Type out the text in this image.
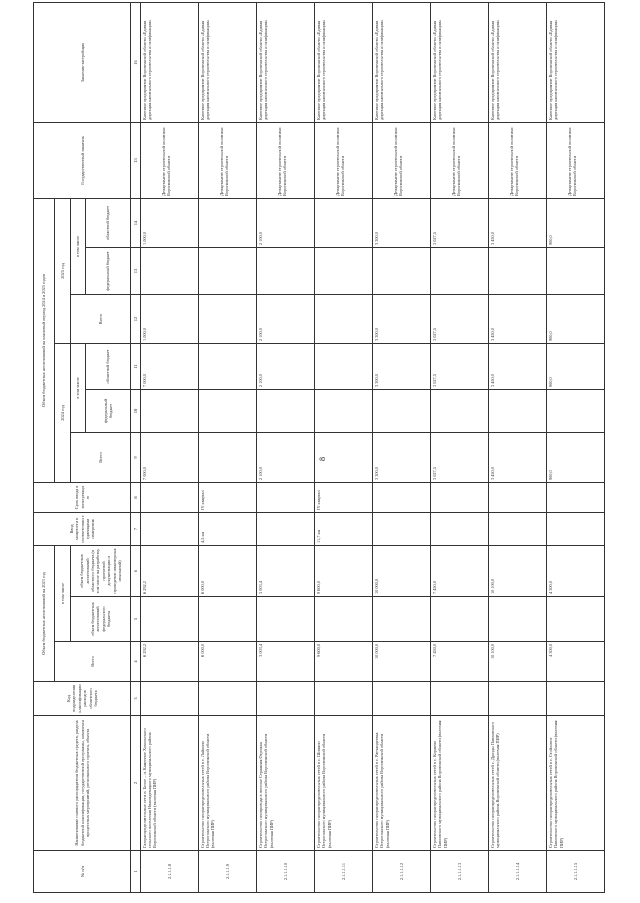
8
№ п/п	Наименование главного распорядителя бюджетных средств, раздела бюджетной классификации, государственной программы, комплекса процессных мероприятий, регионального проекта, объекта	Код подразделения классификации расходов областного бюджета	Объем бюджетных ассигнований на 2023 год			Ввод мощности в соответствии с единицами измерения	Срок ввода в эксплуатацию	Объем бюджетных ассигнований на плановый период 2024 и 2025 годов						Государственный заказчик	Заказчик-застройщик
			Всего	в том числе				2024 год			2025 год				
				объем бюджетных ассигнований федерального бюджета	объем бюджетных ассигнований областного бюджета (в том числе на разработку проектной документации и проведение инженерных изысканий)			Всего	в том числе		Всего	в том числе			
									федеральный бюджет	областной бюджет		федеральный бюджет	областной бюджет		
1	2	3	4	5	6	7	8	9	10	11	12	13	14	15	16
2.1.1.1.8	Газораспределительные сети п. Белое – п. Каменное Хохольского сельского поселения Нижнедевицкого муниципального района Воронежской области (включая ПИР)		6 292,2		6 292,2			7 000,0		7 000,0	1 000,0		1 000,0	Департамент строительной политики Воронежской области	Казенное предприятие Воронежской области «Единая дирекция капитального строительства и газификации»
2.1.1.1.9	Строительство газораспределительных сетей в с. Лайкино Острогожского муниципального района Воронежской области (включая ПИР)		6 000,0		6 000,0	4,5 км	IV квартал							Департамент строительной политики Воронежской области	Казенное предприятие Воронежской области «Единая дирекция капитального строительства и газификации»
2.1.1.1.10	Строительство газопровода в поселке Страшная Отрожка Острогожского муниципального района Воронежской области (включая ПИР)		3 003,4		3 003,4			2 100,0		2 100,0	2 100,0		2 100,0	Департамент строительной политики Воронежской области	Казенное предприятие Воронежской области «Единая дирекция капитального строительства и газификации»
2.1.1.1.11	Строительство газораспределительных сетей в с. Шинино Острогожского муниципального района Воронежской области (включая ПИР)		9 600,0		9 600,0	11,7 км	IV квартал							Департамент строительной политики Воронежской области	Казенное предприятие Воронежской области «Единая дирекция капитального строительства и газификации»
2.1.1.1.12	Строительство газораспределительных сетей в с. Расчандеевка Острогожского муниципального района Воронежской области (включая ПИР)		10 000,0		10 000,0			3 300,0		3 300,0	3 300,0		3 300,0	Департамент строительной политики Воронежской области	Казенное предприятие Воронежской области «Единая дирекция капитального строительства и газификации»
2.1.1.1.13	Строительство газораспределительных сетей в с. Коршево Павловского муниципального района Воронежской области (включая ПИР)		7 450,0		7 450,0			3 027,5		3 027,5	3 027,5		3 027,5	Департамент строительной политики Воронежской области	Казенное предприятие Воронежской области «Единая дирекция капитального строительства и газификации»
2.1.1.1.14	Строительство газораспределительных сетей с. Дрозды Павловского муниципального района Воронежской области (включая ПИР)		10 100,0		10 100,0			3 450,0		3 450,0	3 450,0		3 450,0	Департамент строительной политики Воронежской области	Казенное предприятие Воронежской области «Единая дирекция капитального строительства и газификации»
2.1.1.1.15	Строительство газораспределительных сетей в с. Стойловое Павловского муниципального района Воронежской области (включая ПИР)		4 300,0		4 300,0			900,0		900,0	900,0		900,0	Департамент строительной политики Воронежской области	Казенное предприятие Воронежской области «Единая дирекция капитального строительства и газификации»
